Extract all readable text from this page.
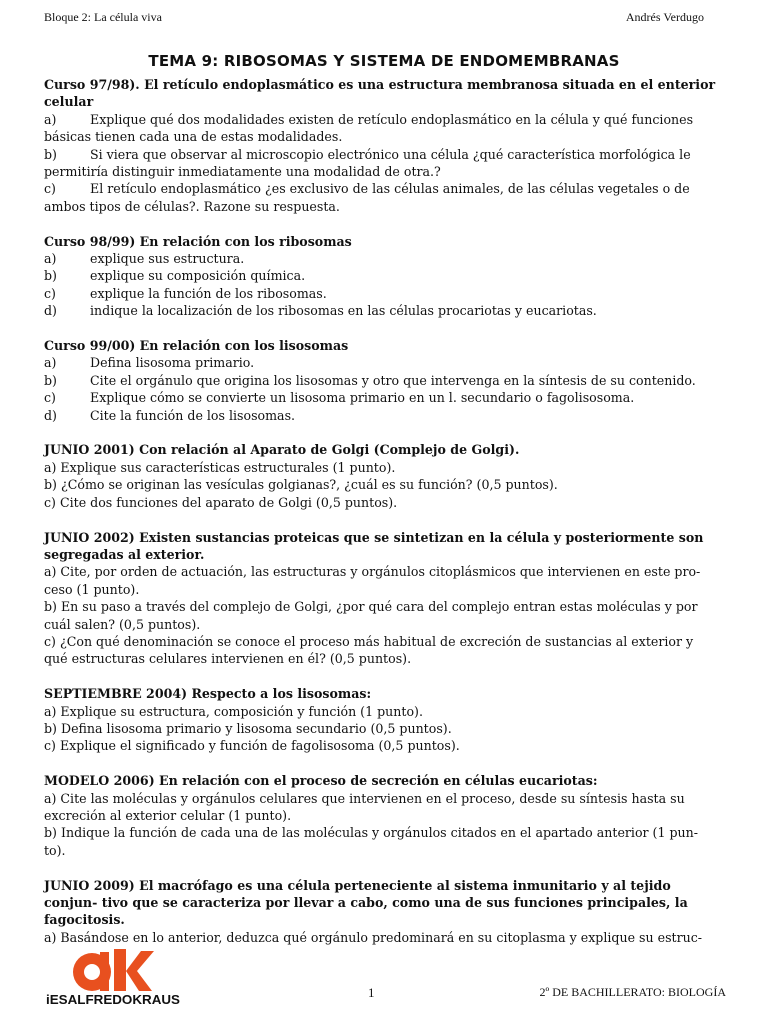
Bloque 2: La célula viva	Andrés Verdugo
TEMA 9: RIBOSOMAS Y SISTEMA DE ENDOMEMBRANAS
Curso 97/98). El retículo endoplasmático es una estructura membranosa situada en el enterior celular
a)	Explique qué dos modalidades existen de retículo endoplasmático en la célula y qué funciones básicas tienen cada una de estas modalidades.
b)	Si viera que observar al microscopio electrónico una célula ¿qué característica morfológica le permitiría distinguir inmediatamente una modalidad de otra.?
c)	El retículo endoplasmático ¿es exclusivo de las células animales, de las células vegetales o de ambos tipos de células?. Razone su respuesta.
Curso 98/99) En relación con los ribosomas
a)	explique sus estructura.
b)	explique su composición química.
c)	explique la función de los ribosomas.
d)	indique la localización de los ribosomas en las células procariotas y eucariotas.
Curso 99/00) En relación con los lisosomas
a)	Defina lisosoma primario.
b)	Cite el orgánulo que origina los lisosomas y otro que intervenga en la síntesis de su contenido.
c)	Explique cómo se convierte un lisosoma primario en un l. secundario o fagolisosoma.
d)	Cite la función de los lisosomas.
JUNIO 2001) Con relación al Aparato de Golgi (Complejo de Golgi).
a) Explique sus características estructurales (1 punto).
b) ¿Cómo se originan las vesículas golgianas?, ¿cuál es su función? (0,5 puntos).
c) Cite dos funciones del aparato de Golgi (0,5 puntos).
JUNIO 2002) Existen sustancias proteicas que se sintetizan en la célula y posteriormente son segregadas al exterior.
a) Cite, por orden de actuación, las estructuras y orgánulos citoplásmicos que intervienen en este pro- ceso (1 punto).
b) En su paso a través del complejo de Golgi, ¿por qué cara del complejo entran estas moléculas y por cuál salen? (0,5 puntos).
c) ¿Con qué denominación se conoce el proceso más habitual de excreción de sustancias al exterior y qué estructuras celulares intervienen en él? (0,5 puntos).
SEPTIEMBRE 2004) Respecto a los lisosomas:
a) Explique su estructura, composición y función (1 punto).
b) Defina lisosoma primario y lisosoma secundario (0,5 puntos).
c) Explique el significado y función de fagolisosoma (0,5 puntos).
MODELO 2006) En relación con el proceso de secreción en células eucariotas:
a) Cite las moléculas y orgánulos celulares que intervienen en el proceso, desde su síntesis hasta su excreción al exterior celular (1 punto).
b) Indique la función de cada una de las moléculas y orgánulos citados en el apartado anterior (1 pun- to).
JUNIO 2009) El macrófago es una célula perteneciente al sistema inmunitario y al tejido conjun- tivo que se caracteriza por llevar a cabo, como una de sus funciones principales, la fagocitosis.
a) Basándose en lo anterior, deduzca qué orgánulo predominará en su citoplasma y explique su estruc-
iESALFREDOKRAUS	1	2º DE BACHILLERATO: BIOLOGÍA
